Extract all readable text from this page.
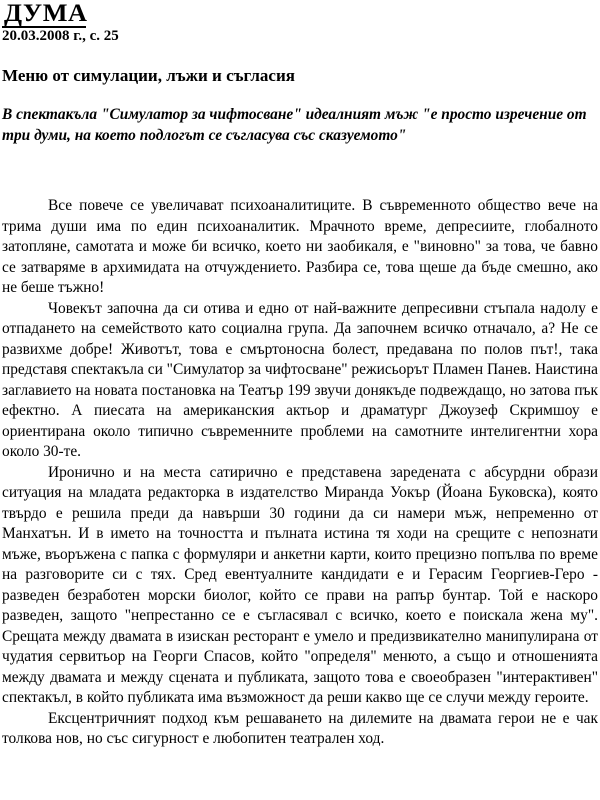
ДУМА
20.03.2008 г., с. 25
Меню от симулации, лъжи и съгласия

В спектакъла "Симулатор за чифтосване" идеалният мъж "е просто изречение от три думи, на което подлогът се съгласува със сказуемото"

Все повече се увеличават психоаналитиците. В съвременното общество вече на трима души има по един психоаналитик. Мрачното време, депресиите, глобалното затопляне, самотата и може би всичко, което ни заобикаля, е "виновно" за това, че бавно се затваряме в архимидата на отчуждението. Разбира се, това щеше да бъде смешно, ако не беше тъжно!

Човекът започна да си отива и едно от най-важните депресивни стъпала надолу е отпадането на семейството като социална група. Да започнем всичко отначало, а? Не се развихме добре! Животът, това е смъртоносна болест, предавана по полов път!, така представя спектакъла си "Симулатор за чифтосване" режисьорът Пламен Панев. Наистина заглавието на новата постановка на Театър 199 звучи донякъде подвеждащо, но затова пък ефектно. А пиесата на американския актьор и драматург Джоузеф Скримшоу е ориентирана около типично съвременните проблеми на самотните интелигентни хора около 30-те.

Иронично и на места сатирично е представена заредената с абсурдни образи ситуация на младата редакторка в издателство Миранда Уокър (Йоана Буковска), която твърдо е решила преди да навърши 30 години да си намери мъж, непременно от Манхатън. И в името на точността и пълната истина тя ходи на срещите с непознати мъже, въоръжена с папка с формуляри и анкетни карти, които прецизно попълва по време на разговорите си с тях. Сред евентуалните кандидати е и Герасим Георгиев-Геро - разведен безработен морски биолог, който се прави на рапър бунтар. Той е наскоро разведен, защото "непрестанно се е съгласявал с всичко, което е поискала жена му". Срещата между двамата в изискан ресторант е умело и предизвикателно манипулирана от чудатия сервитьор на Георги Спасов, който "определя" менюто, а също и отношенията между двамата и между сцената и публиката, защото това е своеобразен "интерактивен" спектакъл, в който публиката има възможност да реши какво ще се случи между героите.

Ексцентричният подход към решаването на дилемите на двамата герои не е чак толкова нов, но със сигурност е любопитен театрален ход.
